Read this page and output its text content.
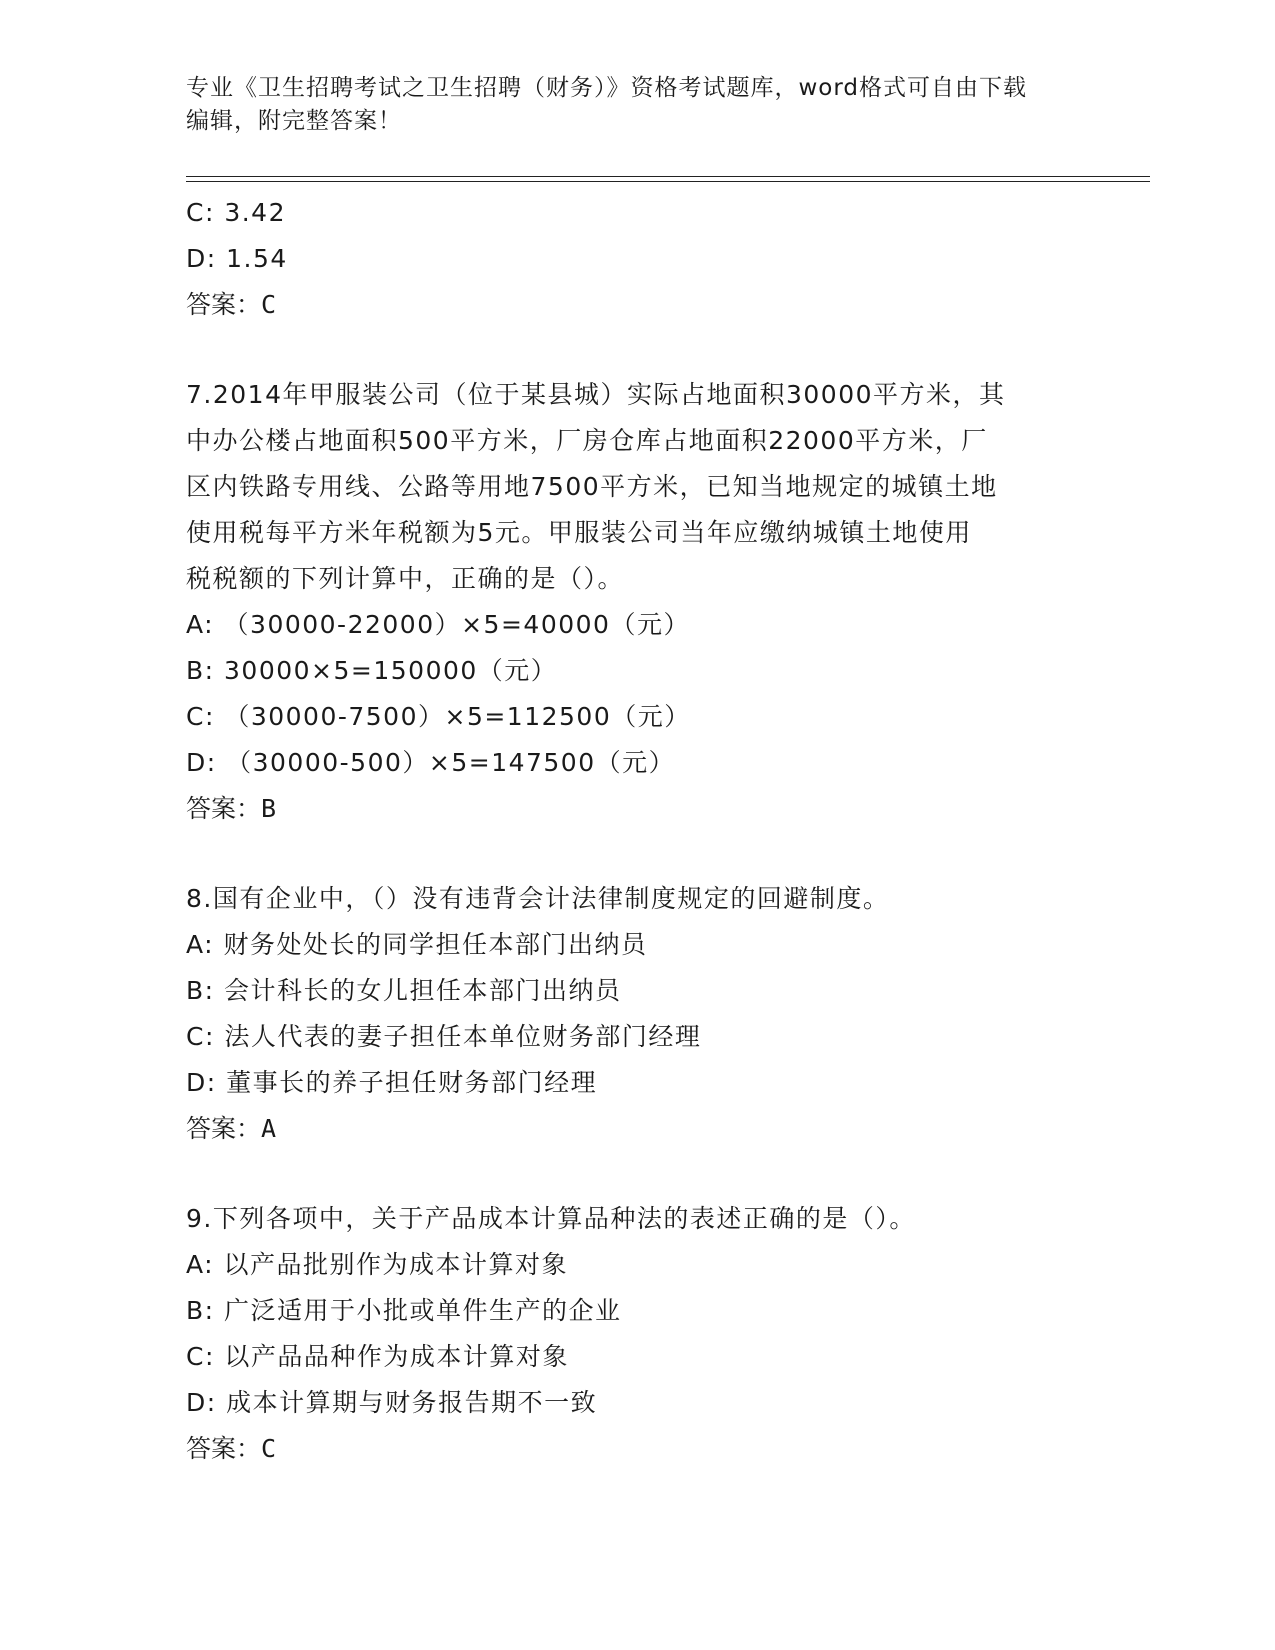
专业《卫生招聘考试之卫生招聘（财务）》资格考试题库，word格式可自由下载
编辑，附完整答案！
C: 3.42
D: 1.54
答案：C
7.2014年甲服装公司（位于某县城）实际占地面积30000平方米，其
中办公楼占地面积500平方米，厂房仓库占地面积22000平方米，厂
区内铁路专用线、公路等用地7500平方米，已知当地规定的城镇土地
使用税每平方米年税额为5元。甲服装公司当年应缴纳城镇土地使用
税税额的下列计算中，正确的是（）。
A: （30000-22000）×5=40000（元）
B: 30000×5=150000（元）
C: （30000-7500）×5=112500（元）
D: （30000-500）×5=147500（元）
答案：B
8.国有企业中，（）没有违背会计法律制度规定的回避制度。
A: 财务处处长的同学担任本部门出纳员
B: 会计科长的女儿担任本部门出纳员
C: 法人代表的妻子担任本单位财务部门经理
D: 董事长的养子担任财务部门经理
答案：A
9.下列各项中，关于产品成本计算品种法的表述正确的是（）。
A: 以产品批别作为成本计算对象
B: 广泛适用于小批或单件生产的企业
C: 以产品品种作为成本计算对象
D: 成本计算期与财务报告期不一致
答案：C
